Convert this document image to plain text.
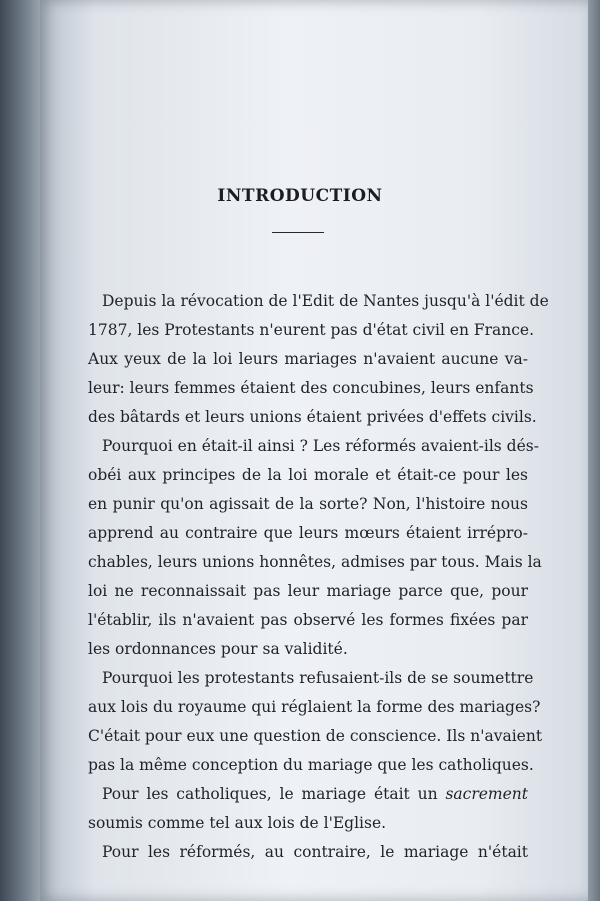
INTRODUCTION
Depuis la révocation de l'Edit de Nantes jusqu'à l'édit de
1787, les Protestants n'eurent pas d'état civil en France.
Aux yeux de la loi leurs mariages n'avaient aucune va-
leur: leurs femmes étaient des concubines, leurs enfants
des bâtards et leurs unions étaient privées d'effets civils.
Pourquoi en était-il ainsi ? Les réformés avaient-ils dés-
obéi aux principes de la loi morale et était-ce pour les
en punir qu'on agissait de la sorte? Non, l'histoire nous
apprend au contraire que leurs mœurs étaient irrépro-
chables, leurs unions honnêtes, admises par tous. Mais la
loi ne reconnaissait pas leur mariage parce que, pour
l'établir, ils n'avaient pas observé les formes fixées par
les ordonnances pour sa validité.
Pourquoi les protestants refusaient-ils de se soumettre
aux lois du royaume qui réglaient la forme des mariages?
C'était pour eux une question de conscience. Ils n'avaient
pas la même conception du mariage que les catholiques.
Pour les catholiques, le mariage était un sacrement
soumis comme tel aux lois de l'Eglise.
Pour les réformés, au contraire, le mariage n'était
